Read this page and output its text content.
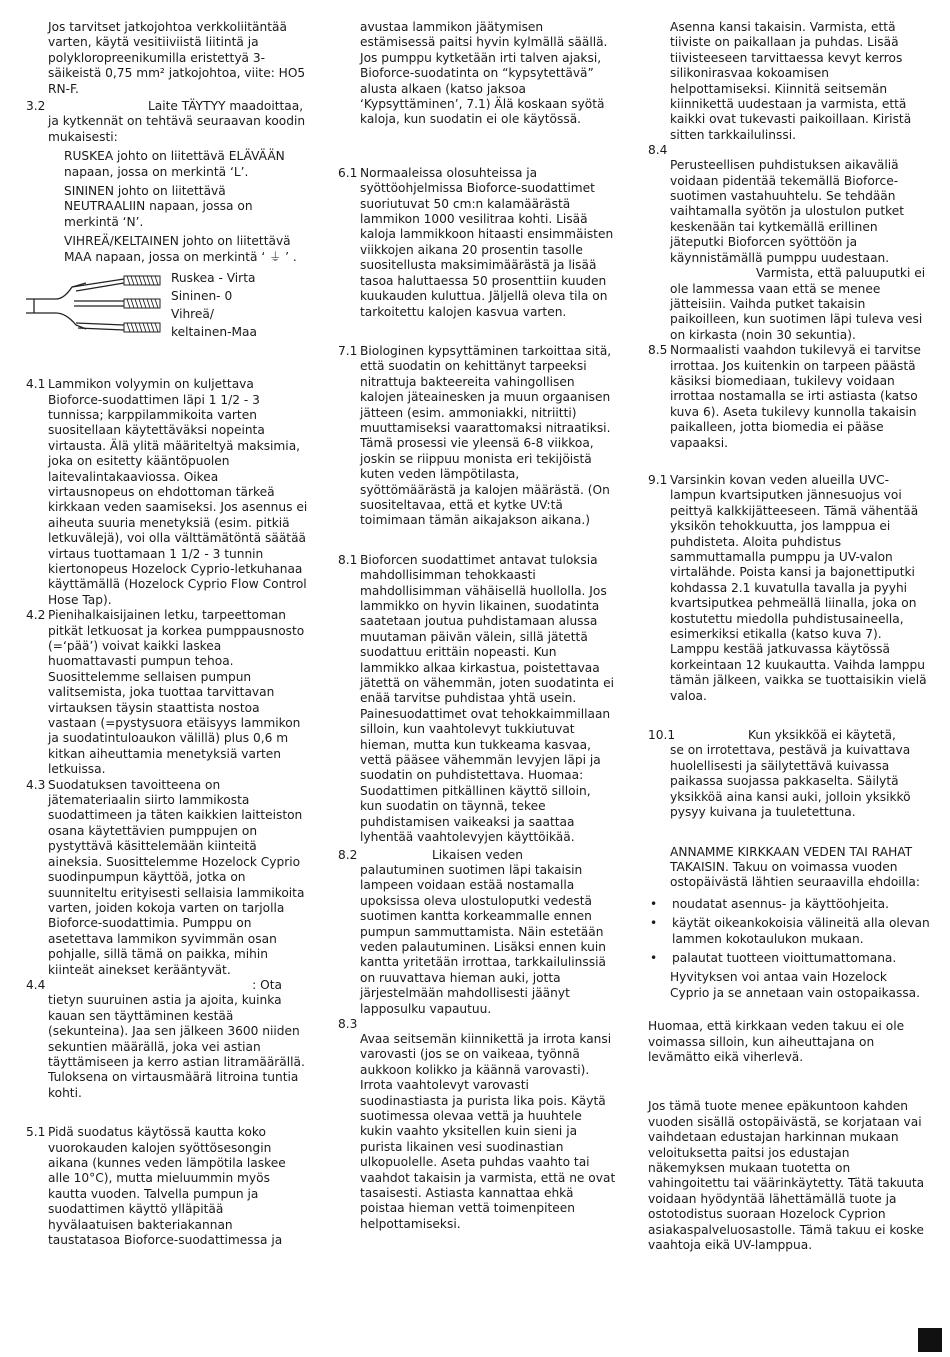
Jos tarvitset jatkojohtoa verkkoliitäntää varten, käytä vesitiiviistä liitintä ja polykloropreenikumilla eristettyä 3-säikeistä 0,75 mm² jatkojohtoa, viite: HO5 RN-F.

3.2	Laite TÄYTYY maadoittaa, ja kytkennät on tehtävä seuraavan koodin mukaisesti:

RUSKEA johto on liitettävä ELÄVÄÄN napaan, jossa on merkintä ‘L’.

SININEN johto on liitettävä NEUTRAALIIN napaan, jossa on merkintä ‘N’.

VIHREÄ/KELTAINEN johto on liitettävä MAA napaan, jossa on merkintä ‘ ⏚ ’ .

Ruskea - Virta
Sininen- 0
Vihreä/
keltainen-Maa

4.1 Lammikon volyymin on kuljettava Bioforce-suodattimen läpi 1 1/2 - 3 tunnissa; karppilammikoita varten suositellaan käytettäväksi nopeinta virtausta. Älä ylitä määriteltyä maksimia, joka on esitetty kääntöpuolen laitevalintakaaviossa. Oikea virtausnopeus on ehdottoman tärkeä kirkkaan veden saamiseksi. Jos asennus ei aiheuta suuria menetyksiä (esim. pitkiä letkuvälejä), voi olla välttämätöntä säätää virtaus tuottamaan 1 1/2 - 3 tunnin kiertonopeus Hozelock Cyprio-letkuhanaa käyttämällä (Hozelock Cyprio Flow Control Hose Tap).

4.2 Pienihalkaisijainen letku, tarpeettoman pitkät letkuosat ja korkea pumppausnosto (=‘pää’) voivat kaikki laskea huomattavasti pumpun tehoa. Suosittelemme sellaisen pumpun valitsemista, joka tuottaa tarvittavan virtauksen täysin staattista nostoa vastaan (=pystysuora etäisyys lammikon ja suodatintuloaukon välillä) plus 0,6 m kitkan aiheuttamia menetyksiä varten letkuissa.

4.3 Suodatuksen tavoitteena on jätemateriaalin siirto lammikosta suodattimeen ja täten kaikkien laitteiston osana käytettävien pumppujen on pystyttävä käsittelemään kiinteitä aineksia. Suosittelemme Hozelock Cyprio suodinpumpun käyttöä, jotka on suunniteltu erityisesti sellaisia lammikoita varten, joiden kokoja varten on tarjolla Bioforce-suodattimia. Pumppu on asetettava lammikon syvimmän osan pohjalle, sillä tämä on paikka, mihin kiinteät ainekset kerääntyvät.

4.4	: Ota
tietyn suuruinen astia ja ajoita, kuinka kauan sen täyttäminen kestää (sekunteina). Jaa sen jälkeen 3600 niiden sekuntien määrällä, joka vei astian täyttämiseen ja kerro astian litramäärällä. Tuloksena on virtausmäärä litroina tuntia kohti.

5.1 Pidä suodatus käytössä kautta koko vuorokauden kalojen syöttösesongin aikana (kunnes veden lämpötila laskee alle 10°C), mutta mieluummin myös kautta vuoden. Talvella pumpun ja suodattimen käyttö ylläpitää hyvälaatuisen bakteriakannan taustatasoa Bioforce-suodattimessa ja

avustaa lammikon jäätymisen estämisessä paitsi hyvin kylmällä säällä. Jos pumppu kytketään irti talven ajaksi, Bioforce-suodatinta on “kypsytettävä” alusta alkaen (katso jaksoa ‘Kypsyttäminen’, 7.1) Älä koskaan syötä kaloja, kun suodatin ei ole käytössä.

6.1 Normaaleissa olosuhteissa ja syöttöohjelmissa Bioforce-suodattimet suoriutuvat 50 cm:n kalamäärästä lammikon 1000 vesilitraa kohti. Lisää kaloja lammikkoon hitaasti ensimmäisten viikkojen aikana 20 prosentin tasolle suositellusta maksimimäärästä ja lisää tasoa haluttaessa 50 prosenttiin kuuden kuukauden kuluttua. Jäljellä oleva tila on tarkoitettu kalojen kasvua varten.

7.1 Biologinen kypsyttäminen tarkoittaa sitä, että suodatin on kehittänyt tarpeeksi nitrattuja bakteereita vahingollisen kalojen jäteainesken ja muun orgaanisen jätteen (esim. ammoniakki, nitriitti) muuttamiseksi vaarattomaksi nitraatiksi. Tämä prosessi vie yleensä 6-8 viikkoa, joskin se riippuu monista eri tekijöistä kuten veden lämpötilasta, syöttömäärästä ja kalojen määrästä. (On suositeltavaa, että et kytke UV:tä toimimaan tämän aikajakson aikana.)

8.1 Bioforcen suodattimet antavat tuloksia mahdollisimman tehokkaasti mahdollisimman vähäisellä huollolla. Jos lammikko on hyvin likainen, suodatinta saatetaan joutua puhdistamaan alussa muutaman päivän välein, sillä jätettä suodattuu erittäin nopeasti. Kun lammikko alkaa kirkastua, poistettavaa jätettä on vähemmän, joten suodatinta ei enää tarvitse puhdistaa yhtä usein. Painesuodattimet ovat tehokkaimmillaan silloin, kun vaahtolevyt tukkiutuvat hieman, mutta kun tukkeama kasvaa, vettä pääsee vähemmän levyjen läpi ja suodatin on puhdistettava. Huomaa: Suodattimen pitkällinen käyttö silloin, kun suodatin on täynnä, tekee puhdistamisen vaikeaksi ja saattaa lyhentää vaahtolevyjen käyttöikää.

8.2	Likaisen veden
palautuminen suotimen läpi takaisin lampeen voidaan estää nostamalla upoksissa oleva ulostuloputki vedestä suotimen kantta korkeammalle ennen pumpun sammuttamista. Näin estetään veden palautuminen. Lisäksi ennen kuin kantta yritetään irrottaa, tarkkailulinssiä on ruuvattava hieman auki, jotta järjestelmään mahdollisesti jäänyt lapposulku vapautuu.

8.3
Avaa seitsemän kiinnikettä ja irrota kansi varovasti (jos se on vaikeaa, työnnä aukkoon kolikko ja käännä varovasti). Irrota vaahtolevyt varovasti suodinastiasta ja purista lika pois. Käytä suotimessa olevaa vettä ja huuhtele kukin vaahto yksitellen kuin sieni ja purista likainen vesi suodinastian ulkopuolelle. Aseta puhdas vaahto tai vaahdot takaisin ja varmista, että ne ovat tasaisesti. Astiasta kannattaa ehkä poistaa hieman vettä toimenpiteen helpottamiseksi.

Asenna kansi takaisin. Varmista, että tiiviste on paikallaan ja puhdas. Lisää tiivisteeseen tarvittaessa kevyt kerros silikonirasvaa kokoamisen helpottamiseksi. Kiinnitä seitsemän kiinnikettä uudestaan ja varmista, että kaikki ovat tukevasti paikoillaan. Kiristä sitten tarkkailulinssi.

8.4
Perusteellisen puhdistuksen aikaväliä voidaan pidentää tekemällä Bioforce-suotimen vastahuuhtelu. Se tehdään vaihtamalla syötön ja ulostulon putket keskenään tai kytkemällä erillinen jäteputki Bioforcen syöttöön ja käynnistämällä pumppu uudestaan.
Varmista, että paluuputki ei ole lammessa vaan että se menee jätteisiin. Vaihda putket takaisin paikoilleen, kun suotimen läpi tuleva vesi on kirkasta (noin 30 sekuntia).

8.5 Normaalisti vaahdon tukilevyä ei tarvitse irrottaa. Jos kuitenkin on tarpeen päästä käsiksi biomediaan, tukilevy voidaan irrottaa nostamalla se irti astiasta (katso kuva 6). Aseta tukilevy kunnolla takaisin paikalleen, jotta biomedia ei pääse vapaaksi.

9.1 Varsinkin kovan veden alueilla UVC-lampun kvartsiputken jännesuojus voi peittyä kalkkijätteeseen. Tämä vähentää yksikön tehokkuutta, jos lamppua ei puhdisteta. Aloita puhdistus sammuttamalla pumppu ja UV-valon virtalähde. Poista kansi ja bajonettiputki kohdassa 2.1 kuvatulla tavalla ja pyyhi kvartsiputkea pehmeällä liinalla, joka on kostutettu miedolla puhdistusaineella, esimerkiksi etikalla (katso kuva 7). Lamppu kestää jatkuvassa käytössä korkeintaan 12 kuukautta. Vaihda lamppu tämän jälkeen, vaikka se tuottaisikin vielä valoa.

10.1	Kun yksikköä ei käytetä,
se on irrotettava, pestävä ja kuivattava huolellisesti ja säilytettävä kuivassa paikassa suojassa pakkaselta. Säilytä yksikköä aina kansi auki, jolloin yksikkö pysyy kuivana ja tuuletettuna.

ANNAMME KIRKKAAN VEDEN TAI RAHAT TAKAISIN. Takuu on voimassa vuoden ostopäivästä lähtien seuraavilla ehdoilla:

• noudatat asennus- ja käyttöohjeita.

• käytät oikeankokoisia välineitä alla olevan lammen kokotaulukon mukaan.

• palautat tuotteen vioittumattomana.

Hyvityksen voi antaa vain Hozelock Cyprio ja se annetaan vain ostopaikassa.

Huomaa, että kirkkaan veden takuu ei ole voimassa silloin, kun aiheuttajana on levämätto eikä viherlevä.

Jos tämä tuote menee epäkuntoon kahden vuoden sisällä ostopäivästä, se korjataan vai vaihdetaan edustajan harkinnan mukaan veloituksetta paitsi jos edustajan näkemyksen mukaan tuotetta on vahingoitettu tai väärinkäytetty. Tätä takuuta voidaan hyödyntää lähettämällä tuote ja ostotodistus suoraan Hozelock Cyprion asiakaspalveluosastolle. Tämä takuu ei koske vaahtoja eikä UV-lamppua.
